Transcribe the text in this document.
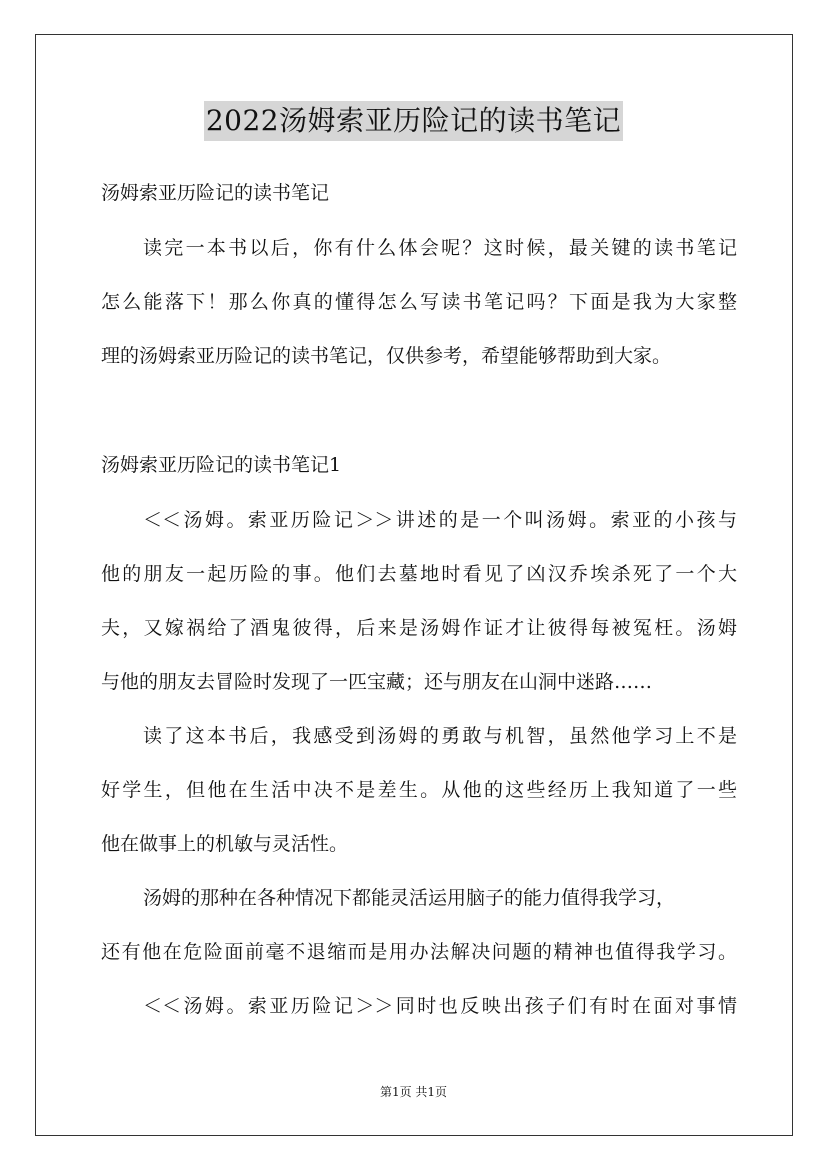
2022汤姆索亚历险记的读书笔记
汤姆索亚历险记的读书笔记
读完一本书以后，你有什么体会呢？这时候，最关键的读书笔记
怎么能落下！那么你真的懂得怎么写读书笔记吗？下面是我为大家整
理的汤姆索亚历险记的读书笔记，仅供参考，希望能够帮助到大家。
汤姆索亚历险记的读书笔记1
＜＜汤姆。索亚历险记＞＞讲述的是一个叫汤姆。索亚的小孩与
他的朋友一起历险的事。他们去墓地时看见了凶汉乔埃杀死了一个大
夫，又嫁祸给了酒鬼彼得，后来是汤姆作证才让彼得每被冤枉。汤姆
与他的朋友去冒险时发现了一匹宝藏；还与朋友在山洞中迷路……
读了这本书后，我感受到汤姆的勇敢与机智，虽然他学习上不是
好学生，但他在生活中决不是差生。从他的这些经历上我知道了一些
他在做事上的机敏与灵活性。
汤姆的那种在各种情况下都能灵活运用脑子的能力值得我学习，
还有他在危险面前毫不退缩而是用办法解决问题的精神也值得我学习。
＜＜汤姆。索亚历险记＞＞同时也反映出孩子们有时在面对事情
第1页 共1页
